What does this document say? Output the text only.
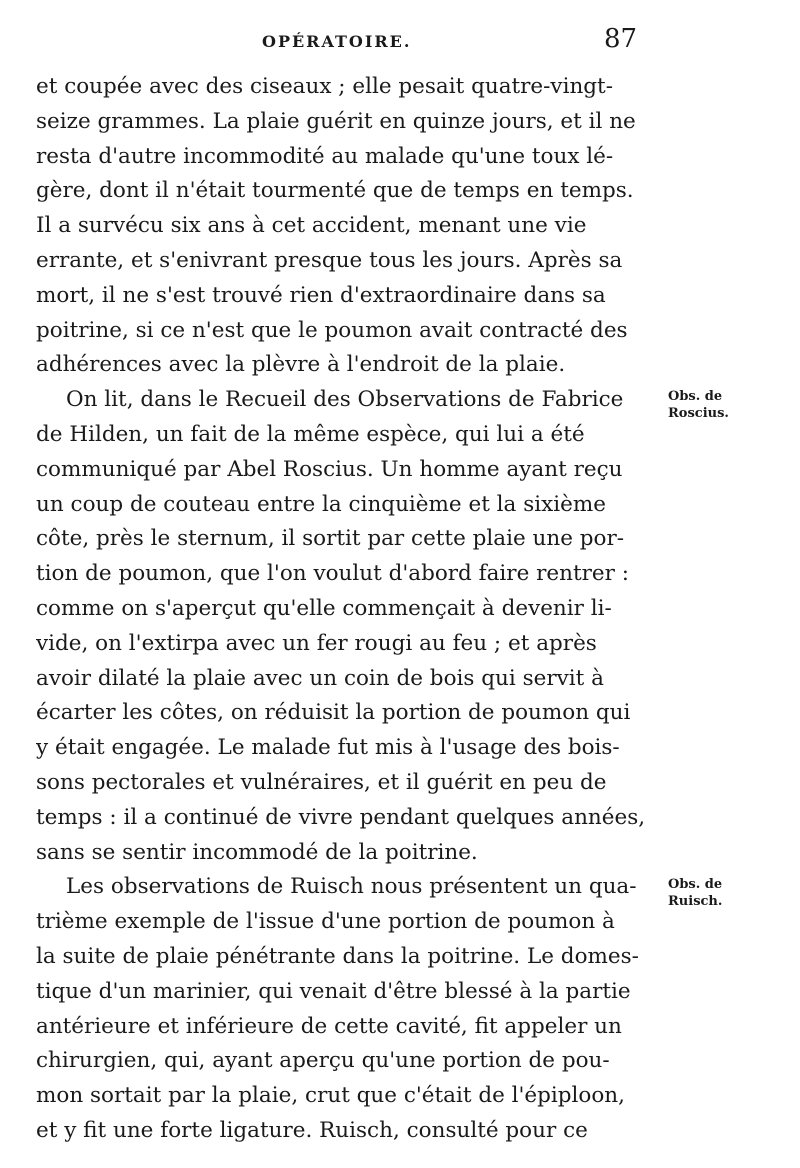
OPÉRATOIRE.	87
et coupée avec des ciseaux ; elle pesait quatre-vingt-
seize grammes. La plaie guérit en quinze jours, et il ne
resta d'autre incommodité au malade qu'une toux lé-
gère, dont il n'était tourmenté que de temps en temps.
Il a survécu six ans à cet accident, menant une vie
errante, et s'enivrant presque tous les jours. Après sa
mort, il ne s'est trouvé rien d'extraordinaire dans sa
poitrine, si ce n'est que le poumon avait contracté des
adhérences avec la plèvre à l'endroit de la plaie.
On lit, dans le Recueil des Observations de Fabrice
de Hilden, un fait de la même espèce, qui lui a été
communiqué par Abel Roscius. Un homme ayant reçu
un coup de couteau entre la cinquième et la sixième
côte, près le sternum, il sortit par cette plaie une por-
tion de poumon, que l'on voulut d'abord faire rentrer :
comme on s'aperçut qu'elle commençait à devenir li-
vide, on l'extirpa avec un fer rougi au feu ; et après
avoir dilaté la plaie avec un coin de bois qui servit à
écarter les côtes, on réduisit la portion de poumon qui
y était engagée. Le malade fut mis à l'usage des bois-
sons pectorales et vulnéraires, et il guérit en peu de
temps : il a continué de vivre pendant quelques années,
sans se sentir incommodé de la poitrine.
Les observations de Ruisch nous présentent un qua-
trième exemple de l'issue d'une portion de poumon à
la suite de plaie pénétrante dans la poitrine. Le domes-
tique d'un marinier, qui venait d'être blessé à la partie
antérieure et inférieure de cette cavité, fit appeler un
chirurgien, qui, ayant aperçu qu'une portion de pou-
mon sortait par la plaie, crut que c'était de l'épiploon,
et y fit une forte ligature. Ruisch, consulté pour ce
Obs. de
Roscius.
Obs. de
Ruisch.
